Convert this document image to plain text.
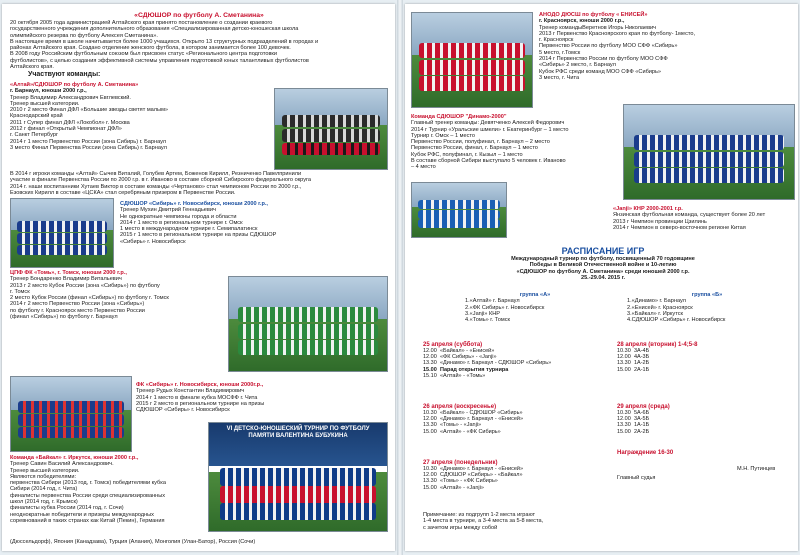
«СДЮШОР по футболу А. Сметанина»

20 октября 2005 года администрацией Алтайского края принято постановление о создании краевого

государственного учреждения дополнительного образования «Специализированная детско-юношеская школа

олимпийского резерва по футболу Алексея Сметанина».

В настоящее время в школе начитывается более 1000 учащихся. Открыто 13 структурных подразделений в городах и

районах Алтайского края. Создано отделение женского футбола, в котором занимается более 100 девочек.

В 2008 году Российским футбольным союзом был присвоен статус «Регионального центра подготовки

футболистов», с целью создания эффективной системы управления подготовкой юных талантливых футболистов

Алтайского края.

Участвуют команды:

«Алтай»/СДЮШОР по футболу А. Сметанина»

г. Барнаул, юноши 2000 г.р.,

Тренер Владимир Александрович Евглевский.

Тренер высшей категории.

2010 г 2 место Финал ДФЛ «Большие звезды светят малым»

Краснодарский край

2011 г Супер финал ДФЛ «Локобол» г. Москва

2012 г финал «Открытый Чемпионат ДФЛ»

г. Санкт Петербург

2014 г 1 место Первенство России (зона Сибирь) г. Барнаул

3 место Финал Первенства России (зона Сибирь) г. Барнаул

В 2014 г игроки команды «Алтай» Сычев Виталий, Голубев Артем, Боженов Кирилл, Резниченко Павелпринили

участие в финале Первенства России по 2000 г.р. в г. Иваново в составе сборной Сибирского федерального округа

2014 г. наши воспитанники Хутаев Виктор в составе команды «Чертаново» стал чемпионом России по 2000 г.р.,

Езовских Кирилл в составе «ЦСКА» стал серебряным призером в Первенстве России.

СДЮШОР «Сибирь» г. Новосибирск, юноши 2000 г.р.,

Тренер Мухин Дмитрий Геннадьевич

Не однократные чемпионы города и области

2014 г 1 место в региональном турнире г. Омск

1 место в международном турнире г. Семипалатинск

2015 г 1 место в региональном турнире на призы СДЮШОР

«Сибирь» г. Новосибирск

ЦПФ ФК «Томь», г. Томск, юноши 2000 г.р.,

Тренер Бондаренко Владимир Витальевич

2013 г 2 место Кубок России (зона «Сибирь») по футболу

г. Томск

2 место Кубок России (финал «Сибирь») по футболу г. Томск

2014 г 2 место Первенство России (зона «Сибирь»)

по футболу г. Красноярск место Первенство России

(финал «Сибирь») по футболу г. Барнаул

ФК «Сибирь» г. Новосибирск, юноши 2000г.р.,

Тренер Рудых Константин Владимирович

2014 г 1 место в финале кубка МОСФФ г. Чита

2015 г 2 место в региональном турнире на призы

СДЮШОР «Сибирь» г. Новосибирск

VI ДЕТСКО-ЮНОШЕСКИЙ ТУРНИР ПО ФУТБОЛУ ПАМЯТИ ВАЛЕНТИНА БУБУКИНА

Команда «Байкал» г. Иркутск, юноши 2000 г.р.,

Тренер Савин Василий Александрович.

Тренер высшей категории.

Являются победителями:

первенства Сибири (2013 год, г. Томск) победителями кубка

Сибири (2014 год, г. Чита)

финалисты первенства России среди специализированных

школ (2014 год, г. Крымск)

финалисты кубка России (2014 год, г. Сочи)

неоднократные победители и призеры международных

соревнований в таких странах как Китай (Пекин), Германия

(Дюссельдорф), Япония (Канадзава), Турция (Алания), Монголия (Улан-Батор), Россия (Сочи)

АНОДО ДЮСШ по футболу « ЕНИСЕЙ»

г. Красноярск, юноши 2000 г.р.,

Тренер командыВеретнов Игорь Николаевич

2013 г Первенство Красноярского края по футболу- 1место,

г. Красноярск

Первенство России по футболу МОО СФФ «Сибирь»

5 место, г.Томск

2014 г Первенство России по футболу МОО СФФ

«Сибирь» 2 место, г. Барнаул

Кубок РФС среди команд МОО СФФ «Сибирь»

3 место, г. Чита

Команда СДЮШОР "Динамо-2000"

Главный тренер команды: Девятченко Алексей Федорович

2014 г Турнир «Уральские шмели» г. Екатеринбург – 1 место

Турнир г. Омск – 1 место

Первенство России, полуфинал, г. Барнаул – 2 место

Первенство России, финал, г. Барнаул – 1 место

Кубок РФС, полуфинал, г. Кызыл – 1 место

В составе сборной Сибири выступало 5 человек г. Иваново

– 4 место

«Janji» КНР 2000-2001 г.р.

Янзинская футбольная команда, существует более 20 лет

2013 г Чемпион провинции Цзилинь

2014 г Чемпион в северо-восточном регионе Китая

РАСПИСАНИЕ ИГР

Международный турнир по футболу, посвященный 70 годовщине

Победы в Великой Отечественной войне и 10-летию

«СДЮШОР по футболу А. Сметанина» среди юношей 2000 г.р.

25.-29.04. 2015 г.

группа «А»

1.«Алтай» г. Барнаул

2.«ФК Сибирь» г. Новосибирск

3.«Janji» КНР

4.«Томь» г. Томск

группа «Б»

1.«Динамо» г. Барнаул

2.«Енисей» г. Красноярск

3.«Байкал» г. Иркутск

4.СДЮШОР «Сибирь» г. Новосибирск

25 апреля (суббота)

12.00 «Байкал» - «Енисей»

12.00 «ФК Сибирь» - «Janji»

13.30 «Динамо» г. Барнаул - СДЮШОР «Сибирь»

15.00 Парад открытия турнира

15.10 «Алтай» - «Томь»

26 апреля (воскресенье)

10.30 «Байкал» - СДЮШОР «Сибирь»

12.00 «Динамо» г. Барнаул - «Енисей»

13.30 «Томь» - «Janji»

15.00 «Алтай» - «ФК Сибирь»

27 апреля (понедельник)

10.30 «Динамо» г. Барнаул - «Енисей»

12.00 СДЮШОР «Сибирь» - «Байкал»

13.30 «Томь» - «ФК Сибирь»

15.00 «Алтай» - «Janji»

Примечание: из подгрупп 1-2 места играют

1-4 места в турнире, а 3-4 места за 5-8 места,

с зачетом игры между собой

28 апреля (вторник) 1-4;5-8

10.30 3А-4Б

12.00 4А-3Б

13.30 1А-2Б

15.00 2А-1Б

29 апреля (среда)

10.30 5А-6Б

12.00 3А-5Б

13.30 1А-1Б

15.00 2А-2Б

Награждение 16-30

Главный судья
М.Н. Путинцев
